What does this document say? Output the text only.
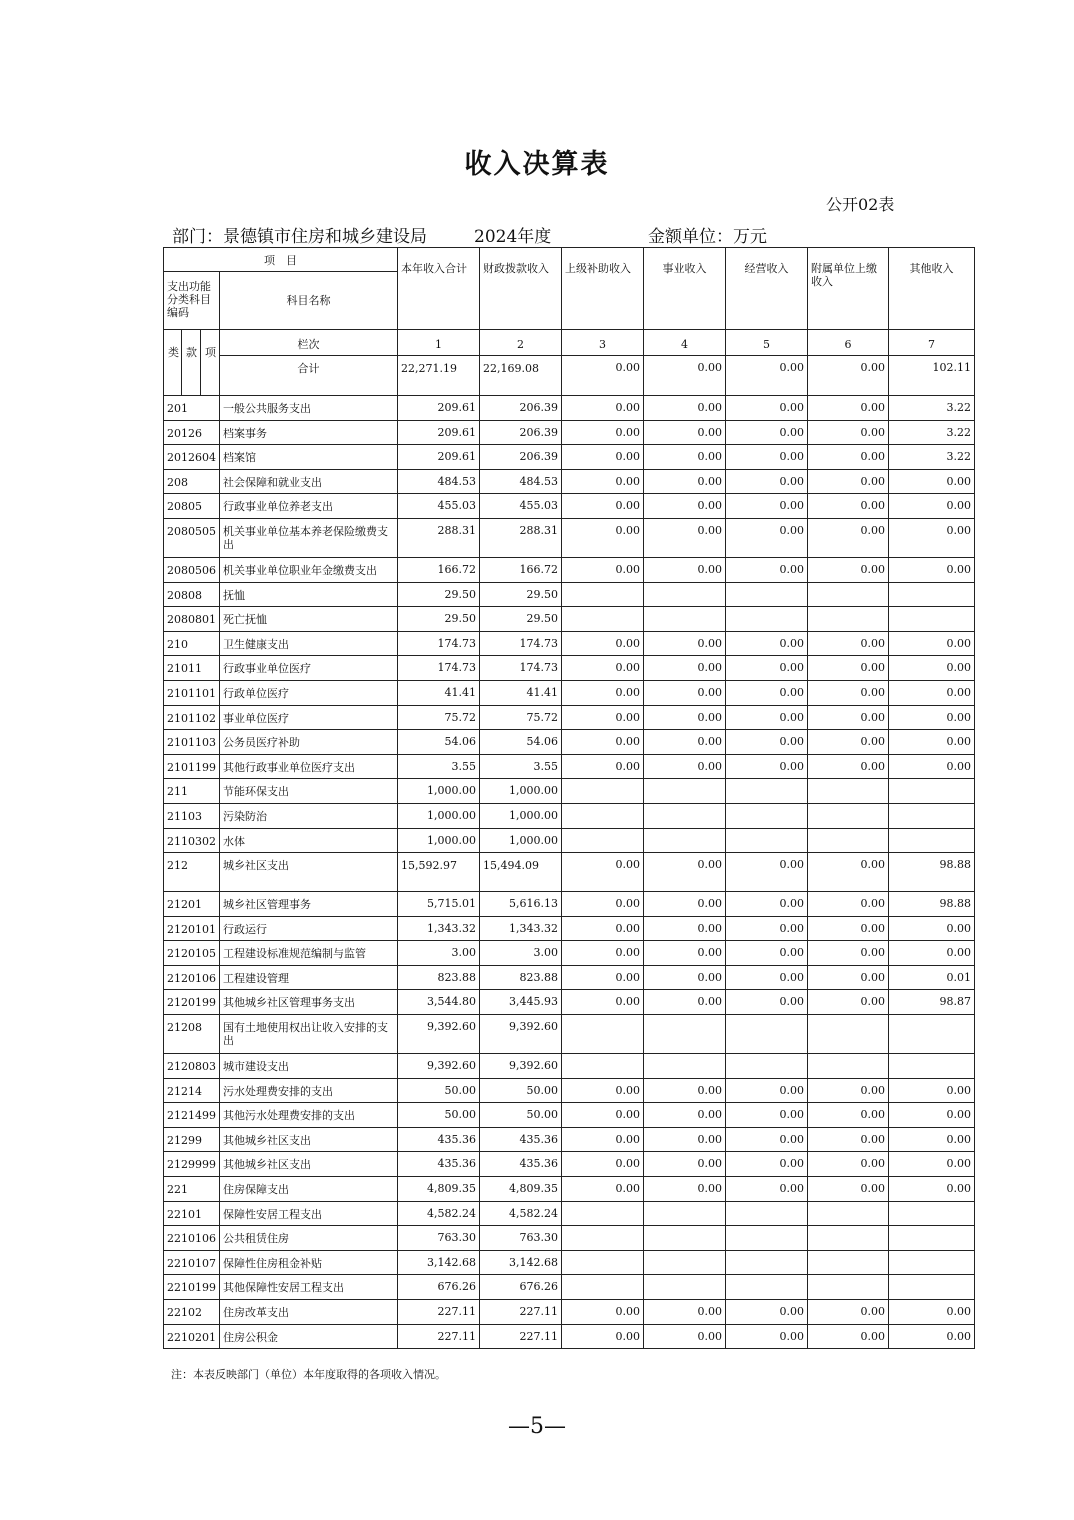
收入决算表
公开02表
部门：景德镇市住房和城乡建设局	2024年度	金额单位：万元
项　目		本年收入合计	财政拨款收入	上级补助收入	事业收入	经营收入	附属单位上缴收入	其他收入
支出功能分类科目编码	科目名称							

类 款 项	栏次	1	2	3	4	5	6	7
	合计	22,271.19	22,169.08	0.00	0.00	0.00	0.00	102.11
201	一般公共服务支出	209.61	206.39	0.00	0.00	0.00	0.00	3.22
20126	档案事务	209.61	206.39	0.00	0.00	0.00	0.00	3.22
2012604	档案馆	209.61	206.39	0.00	0.00	0.00	0.00	3.22
208	社会保障和就业支出	484.53	484.53	0.00	0.00	0.00	0.00	0.00
20805	行政事业单位养老支出	455.03	455.03	0.00	0.00	0.00	0.00	0.00
2080505	机关事业单位基本养老保险缴费支出	288.31	288.31	0.00	0.00	0.00	0.00	0.00
2080506	机关事业单位职业年金缴费支出	166.72	166.72	0.00	0.00	0.00	0.00	0.00
20808	抚恤	29.50	29.50					
2080801	死亡抚恤	29.50	29.50					
210	卫生健康支出	174.73	174.73	0.00	0.00	0.00	0.00	0.00
21011	行政事业单位医疗	174.73	174.73	0.00	0.00	0.00	0.00	0.00
2101101	行政单位医疗	41.41	41.41	0.00	0.00	0.00	0.00	0.00
2101102	事业单位医疗	75.72	75.72	0.00	0.00	0.00	0.00	0.00
2101103	公务员医疗补助	54.06	54.06	0.00	0.00	0.00	0.00	0.00
2101199	其他行政事业单位医疗支出	3.55	3.55	0.00	0.00	0.00	0.00	0.00
211	节能环保支出	1,000.00	1,000.00					
21103	污染防治	1,000.00	1,000.00					
2110302	水体	1,000.00	1,000.00					
212	城乡社区支出	15,592.97	15,494.09	0.00	0.00	0.00	0.00	98.88
21201	城乡社区管理事务	5,715.01	5,616.13	0.00	0.00	0.00	0.00	98.88
2120101	行政运行	1,343.32	1,343.32	0.00	0.00	0.00	0.00	0.00
2120105	工程建设标准规范编制与监管	3.00	3.00	0.00	0.00	0.00	0.00	0.00
2120106	工程建设管理	823.88	823.88	0.00	0.00	0.00	0.00	0.01
2120199	其他城乡社区管理事务支出	3,544.80	3,445.93	0.00	0.00	0.00	0.00	98.87
21208	国有土地使用权出让收入安排的支出	9,392.60	9,392.60					
2120803	城市建设支出	9,392.60	9,392.60					
21214	污水处理费安排的支出	50.00	50.00	0.00	0.00	0.00	0.00	0.00
2121499	其他污水处理费安排的支出	50.00	50.00	0.00	0.00	0.00	0.00	0.00
21299	其他城乡社区支出	435.36	435.36	0.00	0.00	0.00	0.00	0.00
2129999	其他城乡社区支出	435.36	435.36	0.00	0.00	0.00	0.00	0.00
221	住房保障支出	4,809.35	4,809.35	0.00	0.00	0.00	0.00	0.00
22101	保障性安居工程支出	4,582.24	4,582.24					
2210106	公共租赁住房	763.30	763.30					
2210107	保障性住房租金补贴	3,142.68	3,142.68					
2210199	其他保障性安居工程支出	676.26	676.26					
22102	住房改革支出	227.11	227.11	0.00	0.00	0.00	0.00	0.00
2210201	住房公积金	227.11	227.11	0.00	0.00	0.00	0.00	0.00
注：本表反映部门（单位）本年度取得的各项收入情况。
—5—
